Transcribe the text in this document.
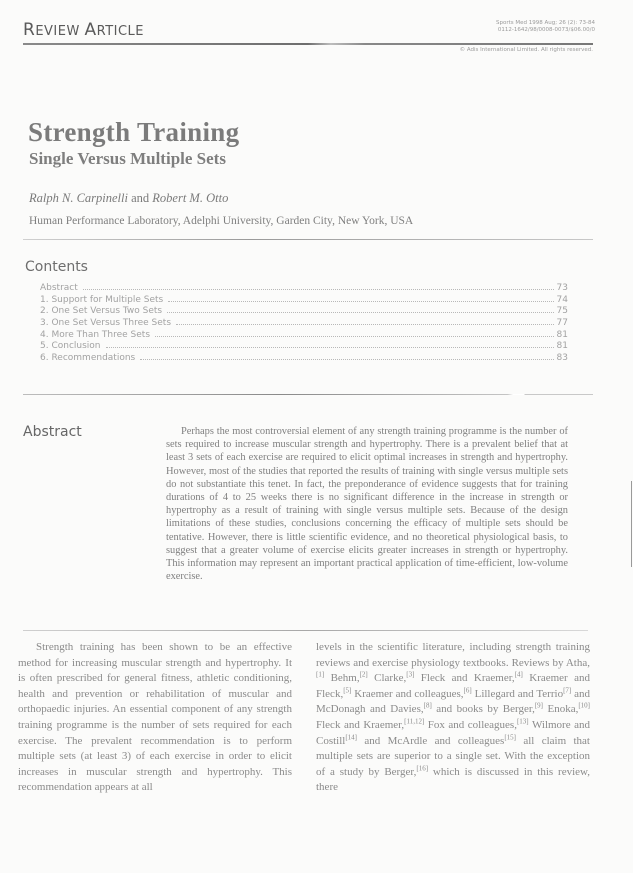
REVIEW ARTICLE
Sports Med 1998 Aug; 26 (2): 73-84
0112-1642/98/0008-0073/$06.00/0
© Adis International Limited. All rights reserved.
Strength Training
Single Versus Multiple Sets
Ralph N. Carpinelli and Robert M. Otto
Human Performance Laboratory, Adelphi University, Garden City, New York, USA
Contents
Abstract	73
1. Support for Multiple Sets	74
2. One Set Versus Two Sets	75
3. One Set Versus Three Sets	77
4. More Than Three Sets	81
5. Conclusion	81
6. Recommendations	83
Abstract	Perhaps the most controversial element of any strength training programme is the number of sets required to increase muscular strength and hypertrophy. There is a prevalent belief that at least 3 sets of each exercise are required to elicit optimal increases in strength and hypertrophy. However, most of the studies that reported the results of training with single versus multiple sets do not substantiate this tenet. In fact, the preponderance of evidence suggests that for training durations of 4 to 25 weeks there is no significant difference in the increase in strength or hypertrophy as a result of training with single versus multiple sets. Because of the design limitations of these studies, conclusions concerning the efficacy of multiple sets should be tentative. However, there is little scientific evidence, and no theoretical physiological basis, to suggest that a greater volume of exercise elicits greater increases in strength or hypertrophy. This information may represent an important practical application of time-efficient, low-volume exercise.

Strength training has been shown to be an effective method for increasing muscular strength and hypertrophy. It is often prescribed for general fitness, athletic conditioning, health and prevention or rehabilitation of muscular and orthopaedic injuries. An essential component of any strength training programme is the number of sets required for each exercise. The prevalent recommendation is to perform multiple sets (at least 3) of each exercise in order to elicit increases in muscular strength and hypertrophy. This recommendation appears at all

levels in the scientific literature, including strength training reviews and exercise physiology textbooks. Reviews by Atha,[1] Behm,[2] Clarke,[3] Fleck and Kraemer,[4] Kraemer and Fleck,[5] Kraemer and colleagues,[6] Lillegard and Terrio[7] and McDonagh and Davies,[8] and books by Berger,[9] Enoka,[10] Fleck and Kraemer,[11,12] Fox and colleagues,[13] Wilmore and Costill[14] and McArdle and colleagues[15] all claim that multiple sets are superior to a single set. With the exception of a study by Berger,[16] which is discussed in this review, there
